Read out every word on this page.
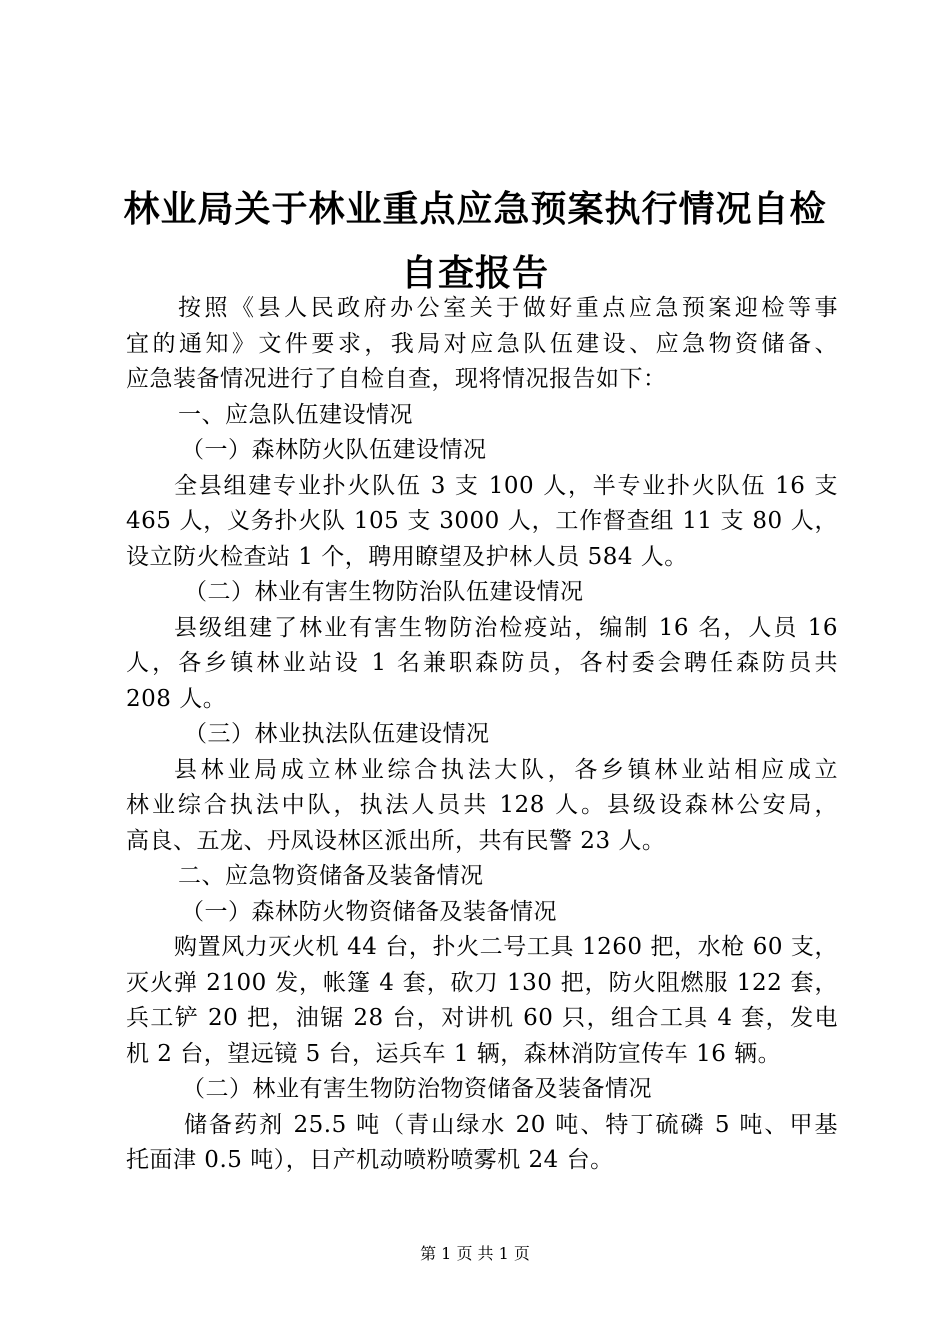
林业局关于林业重点应急预案执行情况自检自查报告
按照《县人民政府办公室关于做好重点应急预案迎检等事
宜的通知》文件要求，我局对应急队伍建设、应急物资储备、
应急装备情况进行了自检自查，现将情况报告如下：
一、应急队伍建设情况
（一）森林防火队伍建设情况
全县组建专业扑火队伍 3 支 100 人，半专业扑火队伍 16 支
465 人，义务扑火队 105 支 3000 人，工作督查组 11 支 80 人，
设立防火检查站 1 个，聘用瞭望及护林人员 584 人。
（二）林业有害生物防治队伍建设情况
县级组建了林业有害生物防治检疫站，编制 16 名，人员 16
人，各乡镇林业站设 1 名兼职森防员，各村委会聘任森防员共
208 人。
（三）林业执法队伍建设情况
县林业局成立林业综合执法大队，各乡镇林业站相应成立
林业综合执法中队，执法人员共 128 人。县级设森林公安局，
高良、五龙、丹凤设林区派出所，共有民警 23 人。
二、应急物资储备及装备情况
（一）森林防火物资储备及装备情况
购置风力灭火机 44 台，扑火二号工具 1260 把，水枪 60 支，
灭火弹 2100 发，帐篷 4 套，砍刀 130 把，防火阻燃服 122 套，
兵工铲 20 把，油锯 28 台，对讲机 60 只，组合工具 4 套，发电
机 2 台，望远镜 5 台，运兵车 1 辆，森林消防宣传车 16 辆。
（二）林业有害生物防治物资储备及装备情况
储备药剂 25.5 吨（青山绿水 20 吨、特丁硫磷 5 吨、甲基
托面津 0.5 吨），日产机动喷粉喷雾机 24 台。
第 1 页 共 1 页
